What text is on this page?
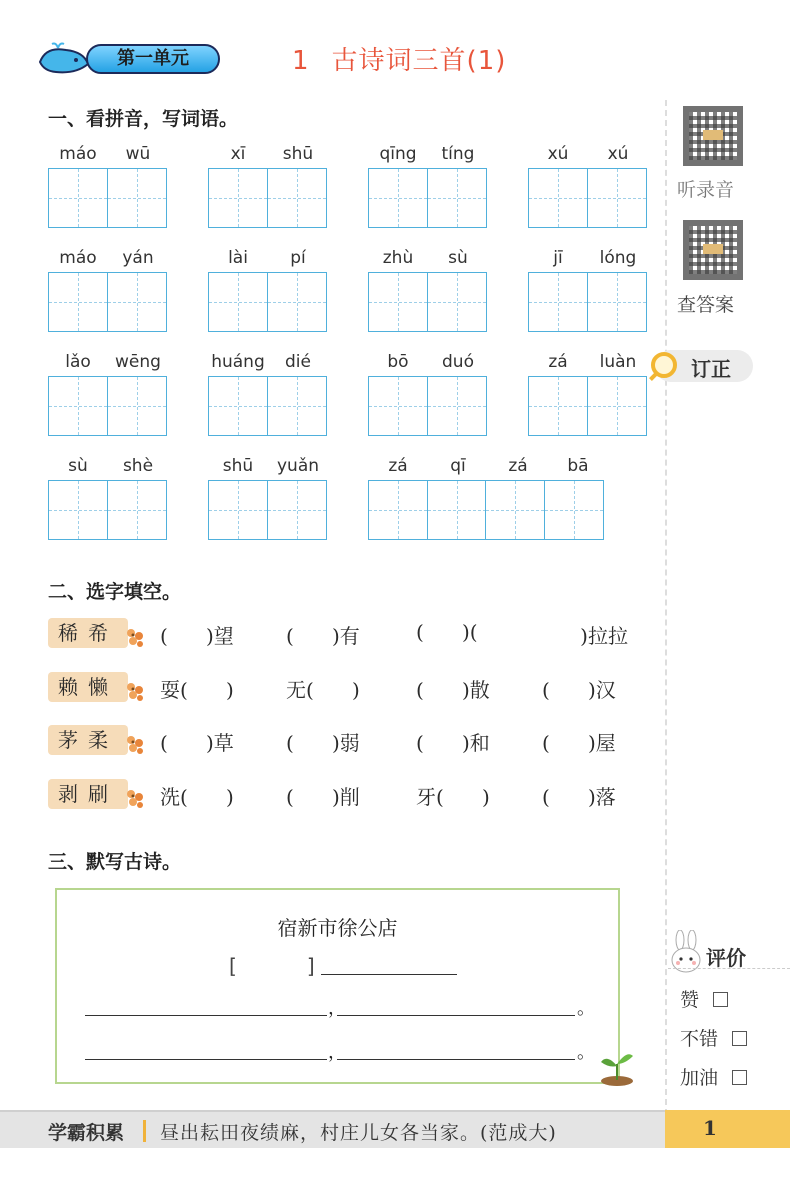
第一单元	1 古诗词三首(1)
听录音
查答案
订正
一、看拼音，写词语。
máo	wū	xī	shū	qīng	tíng	xú	xú
máo	yán	lài	pí	zhù	sù	jī	lóng
lǎo	wēng	huáng	dié	bō	duó	zá	luàn
sù	shè	shū	yuǎn	zá	qī	zá	bā
二、选字填空。
稀希	(      )望	(      )有	(      )(	)拉拉
赖懒	耍(      )	无(      )	(      )散	(      )汉
茅柔	(      )草	(      )弱	(      )和	(      )屋
剥刷	洗(      )	(      )削	牙(      )	(      )落
三、默写古诗。
宿新市徐公店
[	]
，	。
，	。
评价
赞
不错
加油
学霸积累 昼出耘田夜绩麻，村庄儿女各当家。(范成大)	1
